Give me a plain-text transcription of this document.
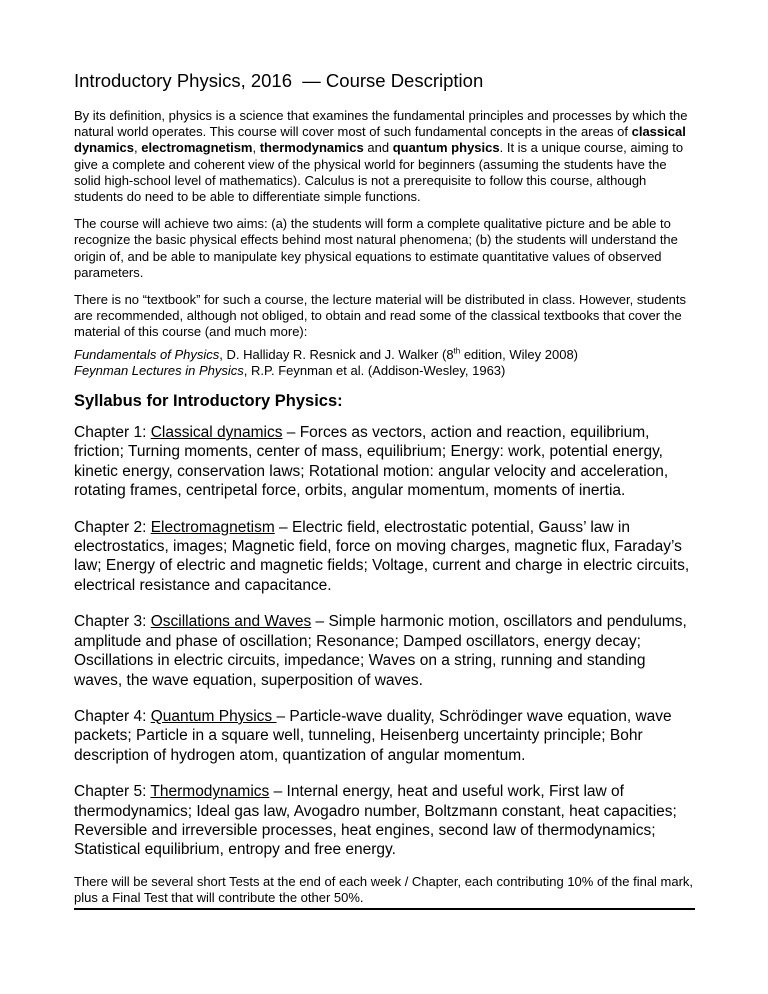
Introductory Physics, 2016  — Course Description

By its definition, physics is a science that examines the fundamental principles and processes by which the natural world operates. This course will cover most of such fundamental concepts in the areas of classical dynamics, electromagnetism, thermodynamics and quantum physics. It is a unique course, aiming to give a complete and coherent view of the physical world for beginners (assuming the students have the solid high-school level of mathematics). Calculus is not a prerequisite to follow this course, although students do need to be able to differentiate simple functions.

The course will achieve two aims: (a) the students will form a complete qualitative picture and be able to recognize the basic physical effects behind most natural phenomena; (b) the students will understand the origin of, and be able to manipulate key physical equations to estimate quantitative values of observed parameters.

There is no “textbook” for such a course, the lecture material will be distributed in class. However, students are recommended, although not obliged, to obtain and read some of the classical textbooks that cover the material of this course (and much more):

Fundamentals of Physics, D. Halliday R. Resnick and J. Walker (8th edition, Wiley 2008)

Feynman Lectures in Physics, R.P. Feynman et al. (Addison-Wesley, 1963)

Syllabus for Introductory Physics:

Chapter 1: Classical dynamics – Forces as vectors, action and reaction, equilibrium, friction; Turning moments, center of mass, equilibrium; Energy: work, potential energy, kinetic energy, conservation laws; Rotational motion: angular velocity and acceleration, rotating frames, centripetal force, orbits, angular momentum, moments of inertia.

Chapter 2: Electromagnetism – Electric field, electrostatic potential, Gauss’ law in electrostatics, images; Magnetic field, force on moving charges, magnetic flux, Faraday’s law; Energy of electric and magnetic fields; Voltage, current and charge in electric circuits, electrical resistance and capacitance.

Chapter 3: Oscillations and Waves – Simple harmonic motion, oscillators and pendulums, amplitude and phase of oscillation; Resonance; Damped oscillators, energy decay; Oscillations in electric circuits, impedance; Waves on a string, running and standing waves, the wave equation, superposition of waves.

Chapter 4: Quantum Physics – Particle-wave duality, Schrödinger wave equation, wave packets; Particle in a square well, tunneling, Heisenberg uncertainty principle; Bohr description of hydrogen atom, quantization of angular momentum.

Chapter 5: Thermodynamics – Internal energy, heat and useful work, First law of thermodynamics; Ideal gas law, Avogadro number, Boltzmann constant, heat capacities; Reversible and irreversible processes, heat engines, second law of thermodynamics; Statistical equilibrium, entropy and free energy.

There will be several short Tests at the end of each week / Chapter, each contributing 10% of the final mark, plus a Final Test that will contribute the other 50%.
